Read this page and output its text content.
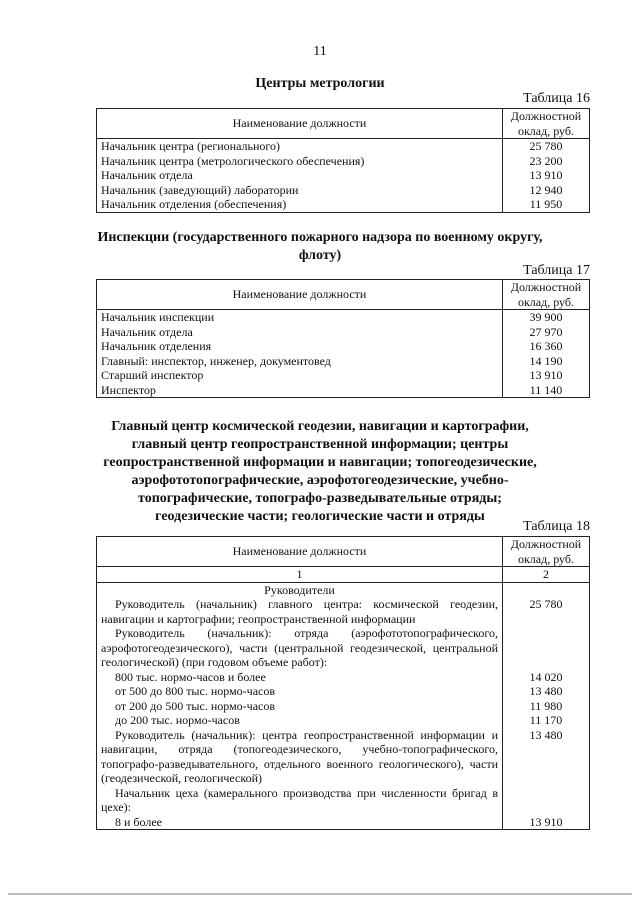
11
Центры метрологии
Таблица 16
Наименование должности	Должностной оклад, руб.
Начальник центра (регионального)	25 780
Начальник центра (метрологического обеспечения)	23 200
Начальник отдела	13 910
Начальник (заведующий) лаборатории	12 940
Начальник отделения (обеспечения)	11 950
Инспекции (государственного пожарного надзора по военному округу, флоту)
Таблица 17
Наименование должности	Должностной оклад, руб.
Начальник инспекции	39 900
Начальник отдела	27 970
Начальник отделения	16 360
Главный: инспектор, инженер, документовед	14 190
Старший инспектор	13 910
Инспектор	11 140
Главный центр космической геодезии, навигации и картографии, главный центр геопространственной информации; центры геопространственной информации и навигации; топогеодезические, аэрофототопографические, аэрофотогеодезические, учебно-топографические, топографо-разведывательные отряды; геодезические части; геологические части и отряды
Таблица 18
Наименование должности	Должностной оклад, руб.
1	2
Руководители	
Руководитель (начальник) главного центра: космической геодезии, навигации и картографии; геопространственной информации	25 780
Руководитель (начальник): отряда (аэрофототопографического, аэрофотогеодезического), части (центральной геодезической, центральной геологической) (при годовом объеме работ):	
800 тыс. нормо-часов и более	14 020
от 500 до 800 тыс. нормо-часов	13 480
от 200 до 500 тыс. нормо-часов	11 980
до 200 тыс. нормо-часов	11 170
Руководитель (начальник): центра геопространственной информации и навигации, отряда (топогеодезического, учебно-топографического, топографо-разведывательного, отдельного военного геологического), части (геодезической, геологической)	13 480
Начальник цеха (камерального производства при численности бригад в цехе):	
8 и более	13 910
